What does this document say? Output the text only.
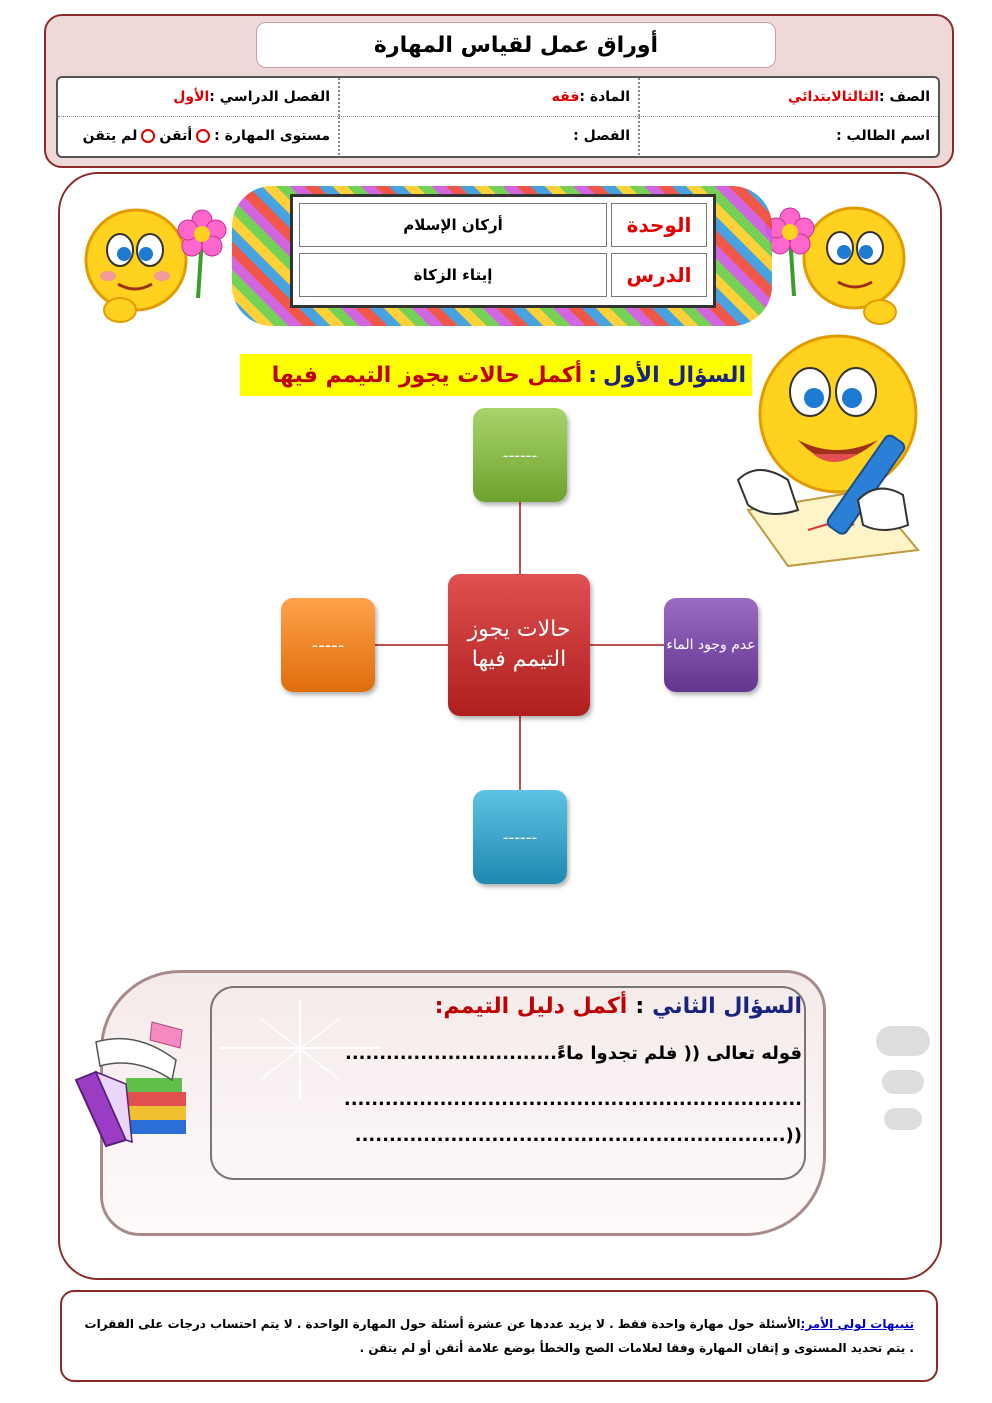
أوراق عمل لقياس المهارة
الصف :
الثالثالابتدائي
المادة :
فقه
الفصل الدراسي :
الأول
اسم الطالب :
الفصل :
مستوى المهارة :
أتقن
لم يتقن
الوحدة
أركان الإسلام
الدرس
إيتاء الزكاة
السؤال الأول
:
أكمل حالات يجوز التيمم فيها
------
عدم وجود الماء
-----
------
حالات يجوز التيمم فيها
السؤال الثاني
:
أكمل دليل التيمم:
قوله تعالى (( فلم تجدوا ماءً...............................
...................................................................
((...............................................................
تنبيهات لولي الأمر:الأسئلة حول مهارة واحدة فقط . لا يزيد عددها عن عشرة أسئلة حول المهارة الواحدة . لا يتم احتساب درجات على الفقرات . يتم تحديد المستوى و إتقان المهارة وفقا لعلامات الصح والخطأ بوضع علامة أتقن أو لم يتقن .
